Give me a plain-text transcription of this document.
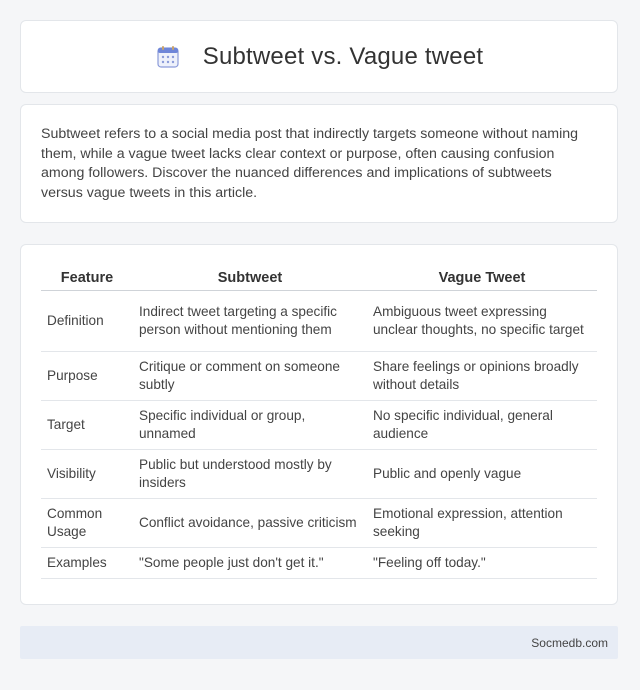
Subtweet vs. Vague tweet

Subtweet refers to a social media post that indirectly targets someone without naming them, while a vague tweet lacks clear context or purpose, often causing confusion among followers. Discover the nuanced differences and implications of subtweets versus vague tweets in this article.

Feature	Subtweet	Vague Tweet
Definition	Indirect tweet targeting a specific person without mentioning them	Ambiguous tweet expressing unclear thoughts, no specific target
Purpose	Critique or comment on someone subtly	Share feelings or opinions broadly without details
Target	Specific individual or group, unnamed	No specific individual, general audience
Visibility	Public but understood mostly by insiders	Public and openly vague
Common Usage	Conflict avoidance, passive criticism	Emotional expression, attention seeking
Examples	"Some people just don't get it."	"Feeling off today."
Socmedb.com
